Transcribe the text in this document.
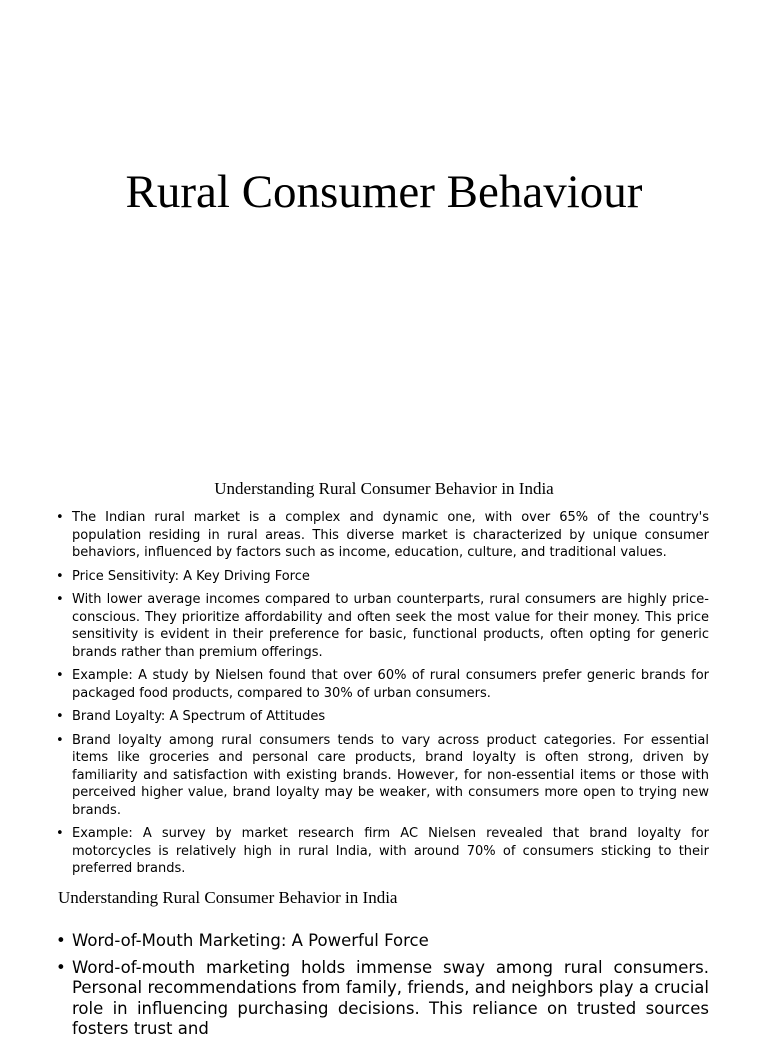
Rural Consumer Behaviour
Understanding Rural Consumer Behavior in India
• The Indian rural market is a complex and dynamic one, with over 65% of the country's population residing in rural areas. This diverse market is characterized by unique consumer behaviors, influenced by factors such as income, education, culture, and traditional values.
• Price Sensitivity: A Key Driving Force
• With lower average incomes compared to urban counterparts, rural consumers are highly price-conscious. They prioritize affordability and often seek the most value for their money. This price sensitivity is evident in their preference for basic, functional products, often opting for generic brands rather than premium offerings.
• Example: A study by Nielsen found that over 60% of rural consumers prefer generic brands for packaged food products, compared to 30% of urban consumers.
• Brand Loyalty: A Spectrum of Attitudes
• Brand loyalty among rural consumers tends to vary across product categories. For essential items like groceries and personal care products, brand loyalty is often strong, driven by familiarity and satisfaction with existing brands. However, for non-essential items or those with perceived higher value, brand loyalty may be weaker, with consumers more open to trying new brands.
• Example: A survey by market research firm AC Nielsen revealed that brand loyalty for motorcycles is relatively high in rural India, with around 70% of consumers sticking to their preferred brands.
Understanding Rural Consumer Behavior in India
• Word-of-Mouth Marketing: A Powerful Force
• Word-of-mouth marketing holds immense sway among rural consumers. Personal recommendations from family, friends, and neighbors play a crucial role in influencing purchasing decisions. This reliance on trusted sources fosters trust and
